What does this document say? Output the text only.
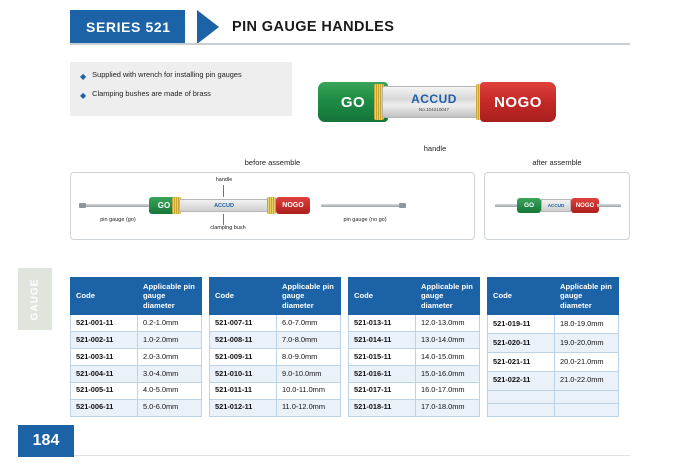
SERIES 521	PIN GAUGE HANDLES
◆ Supplied with wrench for installing pin gauges
◆ Clamping bushes are made of brass	GO	ACCUD
No.104210047	NOGO
handle
before assemble	after assemble
GO	ACCUD	NOGO
handle
clamping bush
pin gauge (go)	pin gauge (no go)
GO	ACCUD	NOGO
GAUGE	Code	Applicable pin gauge diameter
521-001-11	0.2-1.0mm
521-002-11	1.0-2.0mm
521-003-11	2.0-3.0mm
521-004-11	3.0-4.0mm
521-005-11	4.0-5.0mm
521-006-11	5.0-6.0mm
Code	Applicable pin gauge diameter
521-007-11	6.0-7.0mm
521-008-11	7.0-8.0mm
521-009-11	8.0-9.0mm
521-010-11	9.0-10.0mm
521-011-11	10.0-11.0mm
521-012-11	11.0-12.0mm
Code	Applicable pin gauge diameter
521-013-11	12.0-13.0mm
521-014-11	13.0-14.0mm
521-015-11	14.0-15.0mm
521-016-11	15.0-16.0mm
521-017-11	16.0-17.0mm
521-018-11	17.0-18.0mm
Code	Applicable pin gauge diameter
521-019-11	18.0-19.0mm
521-020-11	19.0-20.0mm
521-021-11	20.0-21.0mm
521-022-11	21.0-22.0mm

184
